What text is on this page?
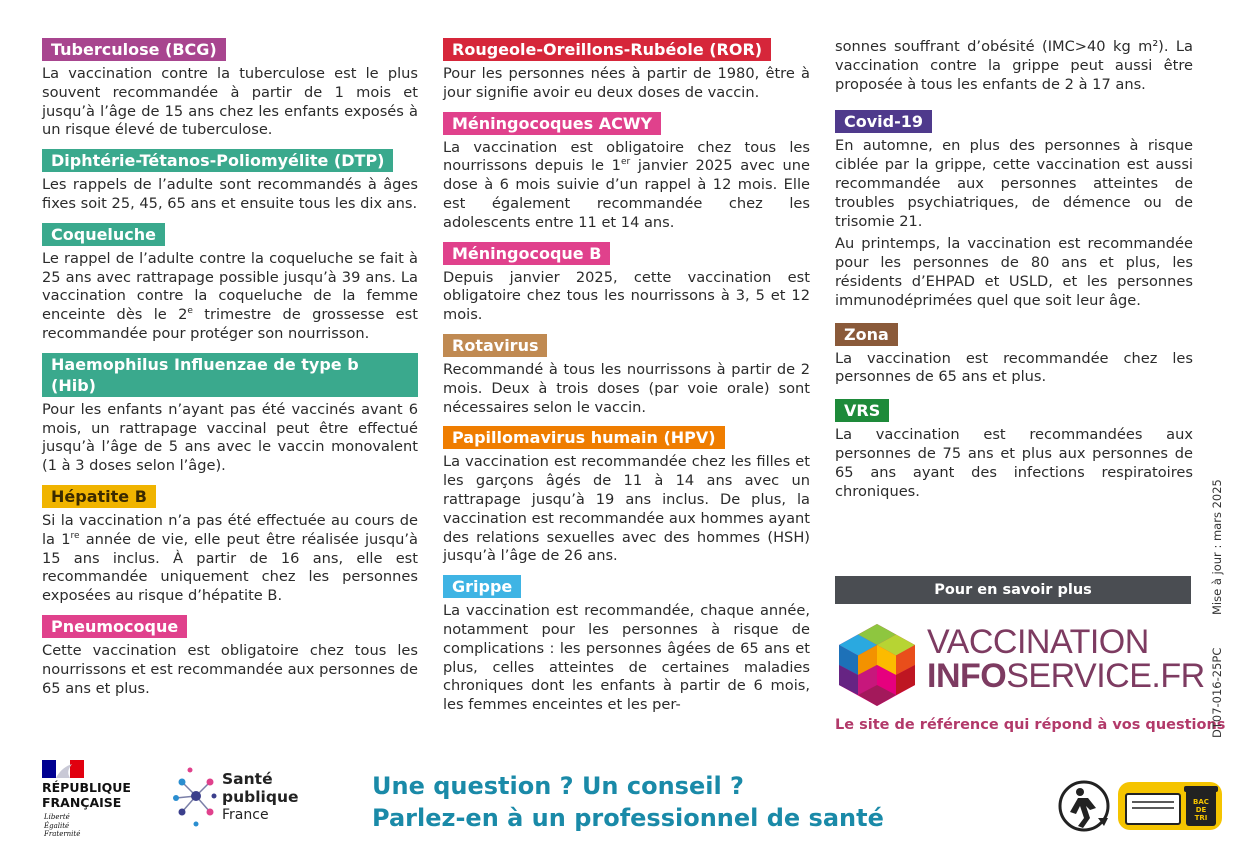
Tuberculose (BCG)

La vaccination contre la tuberculose est le plus souvent recommandée à partir de 1 mois et jusqu’à l’âge de 15 ans chez les enfants exposés à un risque élevé de tuberculose.

Diphtérie-Tétanos-Poliomyélite (DTP)

Les rappels de l’adulte sont recommandés à âges fixes soit 25, 45, 65 ans et ensuite tous les dix ans.

Coqueluche

Le rappel de l’adulte contre la coqueluche se fait à 25 ans avec rattrapage possible jusqu’à 39 ans. La vaccination contre la coqueluche de la femme enceinte dès le 2e trimestre de grossesse est recommandée pour protéger son nourrisson.

Haemophilus Influenzae de type b (Hib)

Pour les enfants n’ayant pas été vaccinés avant 6 mois, un rattrapage vaccinal peut être effectué jusqu’à l’âge de 5 ans avec le vaccin monovalent (1 à 3 doses selon l’âge).

Hépatite B

Si la vaccination n’a pas été effectuée au cours de la 1re année de vie, elle peut être réalisée jusqu’à 15 ans inclus. À partir de 16 ans, elle est recommandée uniquement chez les personnes exposées au risque d’hépatite B.

Pneumocoque

Cette vaccination est obligatoire chez tous les nourrissons et est recommandée aux personnes de 65 ans et plus.

Rougeole-Oreillons-Rubéole (ROR)

Pour les personnes nées à partir de 1980, être à jour signifie avoir eu deux doses de vaccin.

Méningocoques ACWY

La vaccination est obligatoire chez tous les nourrissons depuis le 1er janvier 2025 avec une dose à 6 mois suivie d’un rappel à 12 mois. Elle est également recommandée chez les adolescents entre 11 et 14 ans.

Méningocoque B

Depuis janvier 2025, cette vaccination est obligatoire chez tous les nourrissons à 3, 5 et 12 mois.

Rotavirus

Recommandé à tous les nourrissons à partir de 2 mois. Deux à trois doses (par voie orale) sont nécessaires selon le vaccin.

Papillomavirus humain (HPV)

La vaccination est recommandée chez les filles et les garçons âgés de 11 à 14 ans avec un rattrapage jusqu’à 19 ans inclus. De plus, la vaccination est recommandée aux hommes ayant des relations sexuelles avec des hommes (HSH) jusqu’à l’âge de 26 ans.

Grippe

La vaccination est recommandée, chaque année, notamment pour les personnes à risque de complications : les personnes âgées de 65 ans et plus, celles atteintes de certaines maladies chroniques dont les enfants à partir de 6 mois, les femmes enceintes et les per-

sonnes souffrant d’obésité (IMC>40 kg m²). La vaccination contre la grippe peut aussi être proposée à tous les enfants de 2 à 17 ans.

Covid-19

En automne, en plus des personnes à risque ciblée par la grippe, cette vaccination est aussi recommandée aux personnes atteintes de troubles psychiatriques, de démence ou de trisomie 21.

Au printemps, la vaccination est recommandée pour les personnes de 80 ans et plus, les résidents d’EHPAD et USLD, et les personnes immunodéprimées quel que soit leur âge.

Zona

La vaccination est recommandée chez les personnes de 65 ans et plus.

VRS

La vaccination est recommandées aux personnes de 75 ans et plus aux personnes de 65 ans ayant des infections respiratoires chroniques.

Pour en savoir plus
VACCINATION
INFOSERVICE.FR
Le site de référence qui répond à vos questions
Mise à jour : mars 2025
DT07-016-25PC
RÉPUBLIQUE
FRANÇAISE
Liberté
Égalité
Fraternité
Santé
publique
France
Une question ? Un conseil ?
Parlez-en à un professionnel de santé
BAC
DE
TRI
